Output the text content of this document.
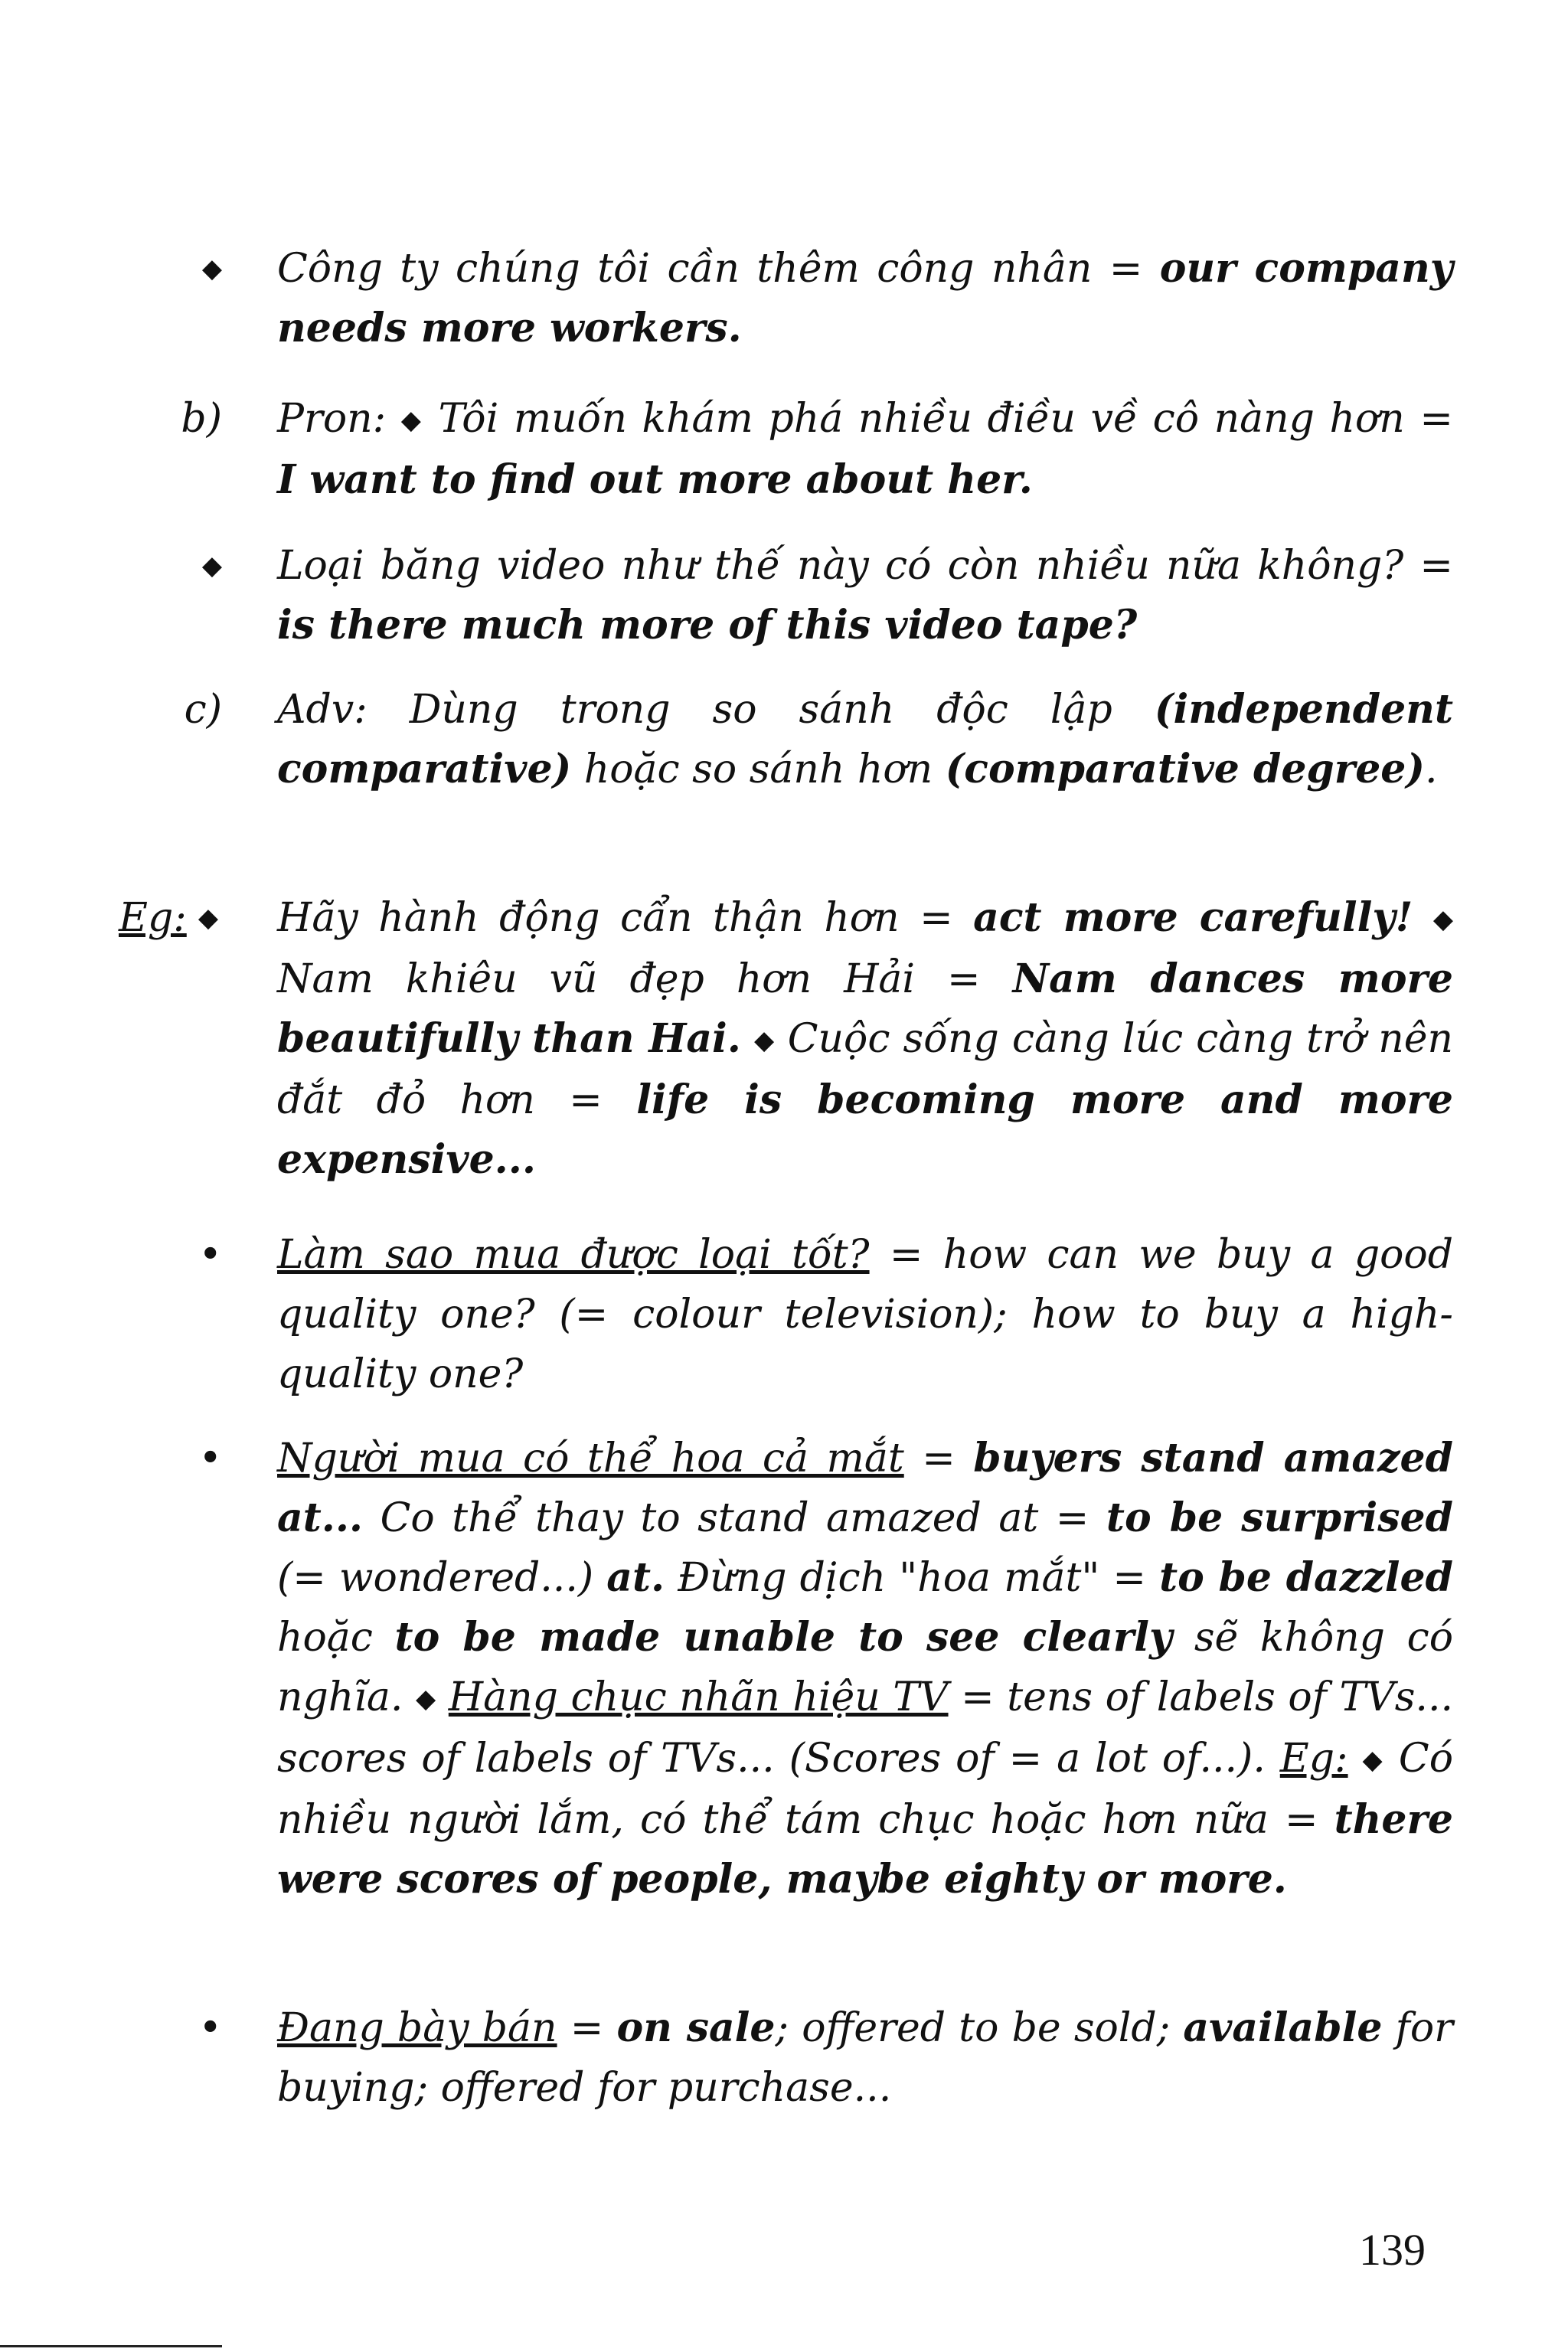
◆ Công ty chúng tôi cần thêm công nhân = our company needs more workers.
b) Pron: ◆ Tôi muốn khám phá nhiều điều về cô nàng hơn = I want to find out more about her.
◆ Loại băng video như thế này có còn nhiều nữa không? = is there much more of this video tape?
c) Adv: Dùng trong so sánh độc lập (independent comparative) hoặc so sánh hơn (comparative degree).
Eg: ◆ Hãy hành động cẩn thận hơn = act more carefully! ◆ Nam khiêu vũ đẹp hơn Hải = Nam dances more beautifully than Hai. ◆ Cuộc sống càng lúc càng trở nên đắt đỏ hơn = life is becoming more and more expensive...
• Làm sao mua được loại tốt? = how can we buy a good quality one? (= colour television); how to buy a high-quality one?
• Người mua có thể hoa cả mắt = buyers stand amazed at... Co thể thay to stand amazed at = to be surprised (= wondered...) at. Đừng dịch "hoa mắt" = to be dazzled hoặc to be made unable to see clearly sẽ không có nghĩa. ◆ Hàng chục nhãn hiệu TV = tens of labels of TVs... scores of labels of TVs... (Scores of = a lot of...). Eg: ◆ Có nhiều người lắm, có thể tám chục hoặc hơn nữa = there were scores of people, maybe eighty or more.
• Đang bày bán = on sale; offered to be sold; available for buying; offered for purchase...
139
